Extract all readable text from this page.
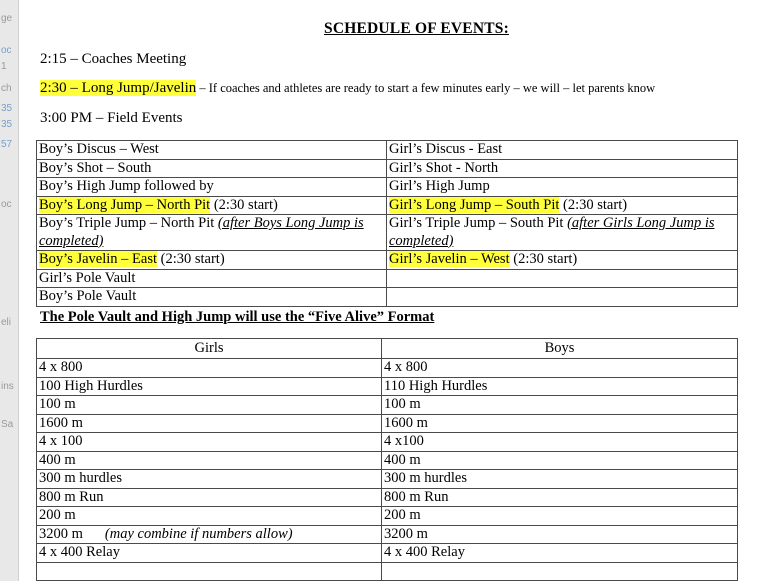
ge
oc
1
ch
35
35
57
oc
eli
ins
Sa
SCHEDULE OF EVENTS:
2:15 – Coaches Meeting
2:30 – Long Jump/Javelin – If coaches and athletes are ready to start a few minutes early – we will – let parents know
3:00 PM – Field Events
Boy’s Discus – West	Girl’s Discus - East
Boy’s Shot – South	Girl’s Shot - North
Boy’s High Jump followed by	Girl’s High Jump
Boy’s Long Jump – North Pit (2:30 start)	Girl’s Long Jump – South Pit (2:30 start)
Boy’s Triple Jump – North Pit (after Boys Long Jump is completed)	Girl’s Triple Jump – South Pit (after Girls Long Jump is completed)
Boy’s Javelin – East (2:30 start)	Girl’s Javelin – West (2:30 start)
Girl’s Pole Vault	
Boy’s Pole Vault	
The Pole Vault and High Jump will use the “Five Alive” Format
Girls	Boys
4 x 800	4 x 800
100 High Hurdles	110 High Hurdles
100 m	100 m
1600 m	1600 m
4 x 100	4 x100
400 m	400 m
300 m hurdles	300 m hurdles
800 m Run	800 m Run
200 m	200 m
3200 m (may combine if numbers allow)	3200 m
4 x 400 Relay	4 x 400 Relay
